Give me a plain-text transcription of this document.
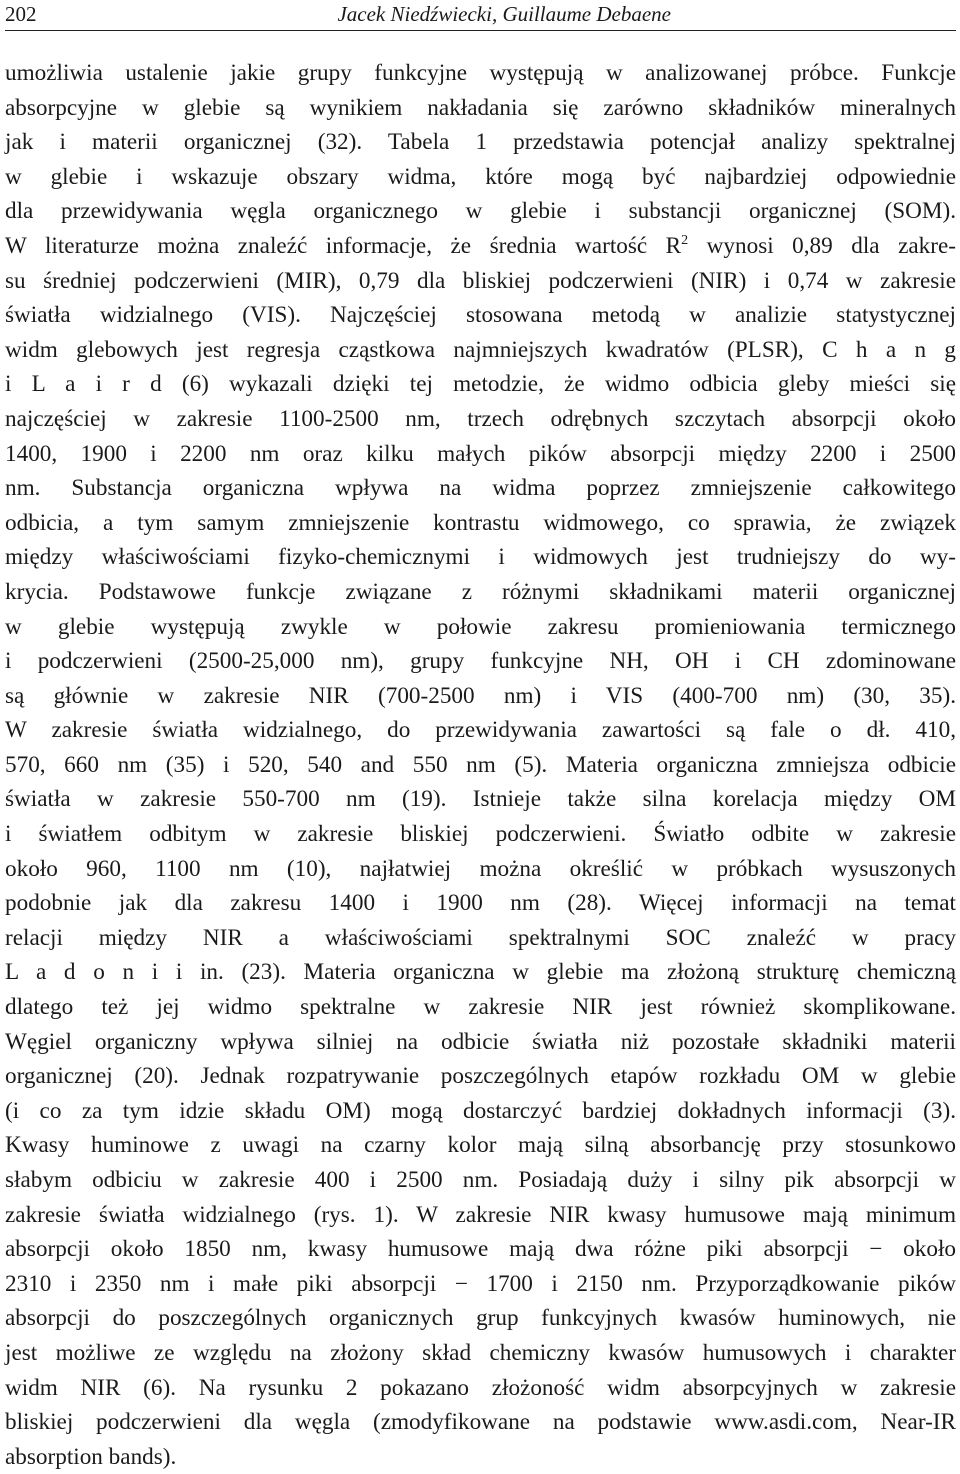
202	Jacek Niedźwiecki, Guillaume Debaene
umożliwia ustalenie jakie grupy funkcyjne występują w analizowanej próbce. Funkcje
absorpcyjne w glebie są wynikiem nakładania się zarówno składników mineralnych
jak i materii organicznej (32). Tabela 1 przedstawia potencjał analizy spektralnej
w glebie i wskazuje obszary widma, które mogą być najbardziej odpowiednie
dla przewidywania węgla organicznego w glebie i substancji organicznej (SOM).
W literaturze można znaleźć informacje, że średnia wartość $R^2$ wynosi 0,89 dla zakre-
su średniej podczerwieni (MIR), 0,79 dla bliskiej podczerwieni (NIR) i 0,74 w zakresie
światła widzialnego (VIS). Najczęściej stosowana metodą w analizie statystycznej
widm glebowych jest regresja cząstkowa najmniejszych kwadratów (PLSR), C h a n g
i L a i r d (6) wykazali dzięki tej metodzie, że widmo odbicia gleby mieści się
najczęściej w zakresie 1100-2500 nm, trzech odrębnych szczytach absorpcji około
1400, 1900 i 2200 nm oraz kilku małych pików absorpcji między 2200 i 2500
nm. Substancja organiczna wpływa na widma poprzez zmniejszenie całkowitego
odbicia, a tym samym zmniejszenie kontrastu widmowego, co sprawia, że związek
między właściwościami fizyko-chemicznymi i widmowych jest trudniejszy do wy-
krycia. Podstawowe funkcje związane z różnymi składnikami materii organicznej
w glebie występują zwykle w połowie zakresu promieniowania termicznego
i podczerwieni (2500-25,000 nm), grupy funkcyjne NH, OH i CH zdominowane
są głównie w zakresie NIR (700-2500 nm) i VIS (400-700 nm) (30, 35).
W zakresie światła widzialnego, do przewidywania zawartości są fale o dł. 410,
570, 660 nm (35) i 520, 540 and 550 nm (5). Materia organiczna zmniejsza odbicie
światła w zakresie 550-700 nm (19). Istnieje także silna korelacja między OM
i światłem odbitym w zakresie bliskiej podczerwieni. Światło odbite w zakresie
około 960, 1100 nm (10), najłatwiej można określić w próbkach wysuszonych
podobnie jak dla zakresu 1400 i 1900 nm (28). Więcej informacji na temat
relacji między NIR a właściwościami spektralnymi SOC znaleźć w pracy
L a d o n i i in. (23). Materia organiczna w glebie ma złożoną strukturę chemiczną
dlatego też jej widmo spektralne w zakresie NIR jest również skomplikowane.
Węgiel organiczny wpływa silniej na odbicie światła niż pozostałe składniki materii
organicznej (20). Jednak rozpatrywanie poszczególnych etapów rozkładu OM w glebie
(i co za tym idzie składu OM) mogą dostarczyć bardziej dokładnych informacji (3).
Kwasy huminowe z uwagi na czarny kolor mają silną absorbancję przy stosunkowo
słabym odbiciu w zakresie 400 i 2500 nm. Posiadają duży i silny pik absorpcji w
zakresie światła widzialnego (rys. 1). W zakresie NIR kwasy humusowe mają minimum
absorpcji około 1850 nm, kwasy humusowe mają dwa różne piki absorpcji − około
2310 i 2350 nm i małe piki absorpcji − 1700 i 2150 nm. Przyporządkowanie pików
absorpcji do poszczególnych organicznych grup funkcyjnych kwasów huminowych, nie
jest możliwe ze względu na złożony skład chemiczny kwasów humusowych i charakter
widm NIR (6). Na rysunku 2 pokazano złożoność widm absorpcyjnych w zakresie
bliskiej podczerwieni dla węgla (zmodyfikowane na podstawie www.asdi.com, Near-IR
absorption bands).
